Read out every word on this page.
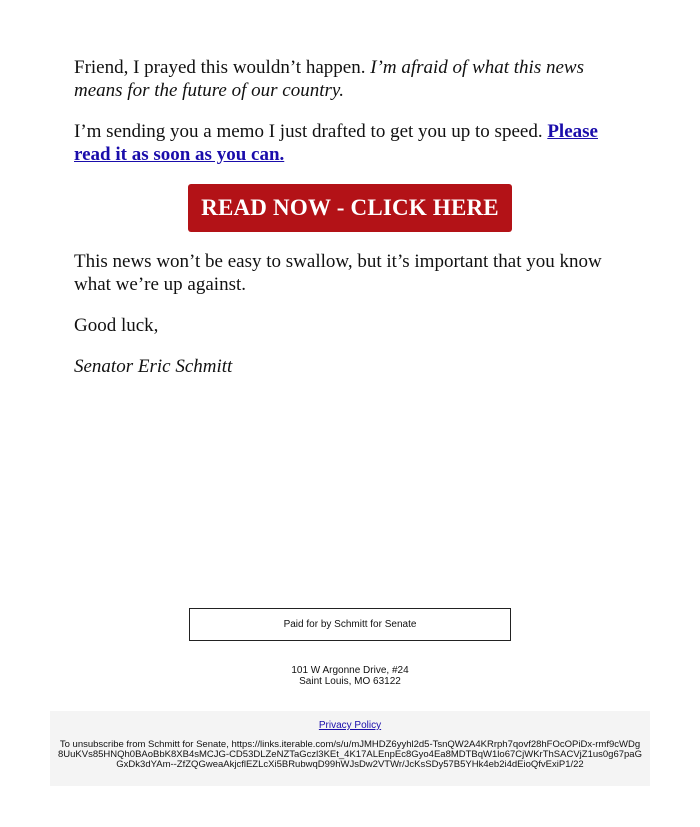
Friend, I prayed this wouldn’t happen. I’m afraid of what this news means for the future of our country.

I’m sending you a memo I just drafted to get you up to speed. Please read it as soon as you can.

READ NOW - CLICK HERE

This news won’t be easy to swallow, but it’s important that you know what we’re up against.

Good luck,

Senator Eric Schmitt

Paid for by Schmitt for Senate
101 W Argonne Drive, #24
Saint Louis, MO 63122
Privacy Policy
To unsubscribe from Schmitt for Senate, https://links.iterable.com/s/u/mJMHDZ6yyhl2d5-TsnQW2A4KRrph7qovf28hFOcOPiDx-rmf9cWDg8UuKVs85HNQh0BAoBbK8XB4sMCJG-CD53DLZeNZTaGczl3KEt_4K17ALEnpEc8Gyo4Ea8MDTBqW1lo67CjWKrThSACVjZ1us0g67paGGxDk3dYAm--ZfZQGweaAkjcflEZLcXi5BRubwqD99hWJsDw2VTWr/JcKsSDy57B5YHk4eb2i4dEioQfvExiP1/22
